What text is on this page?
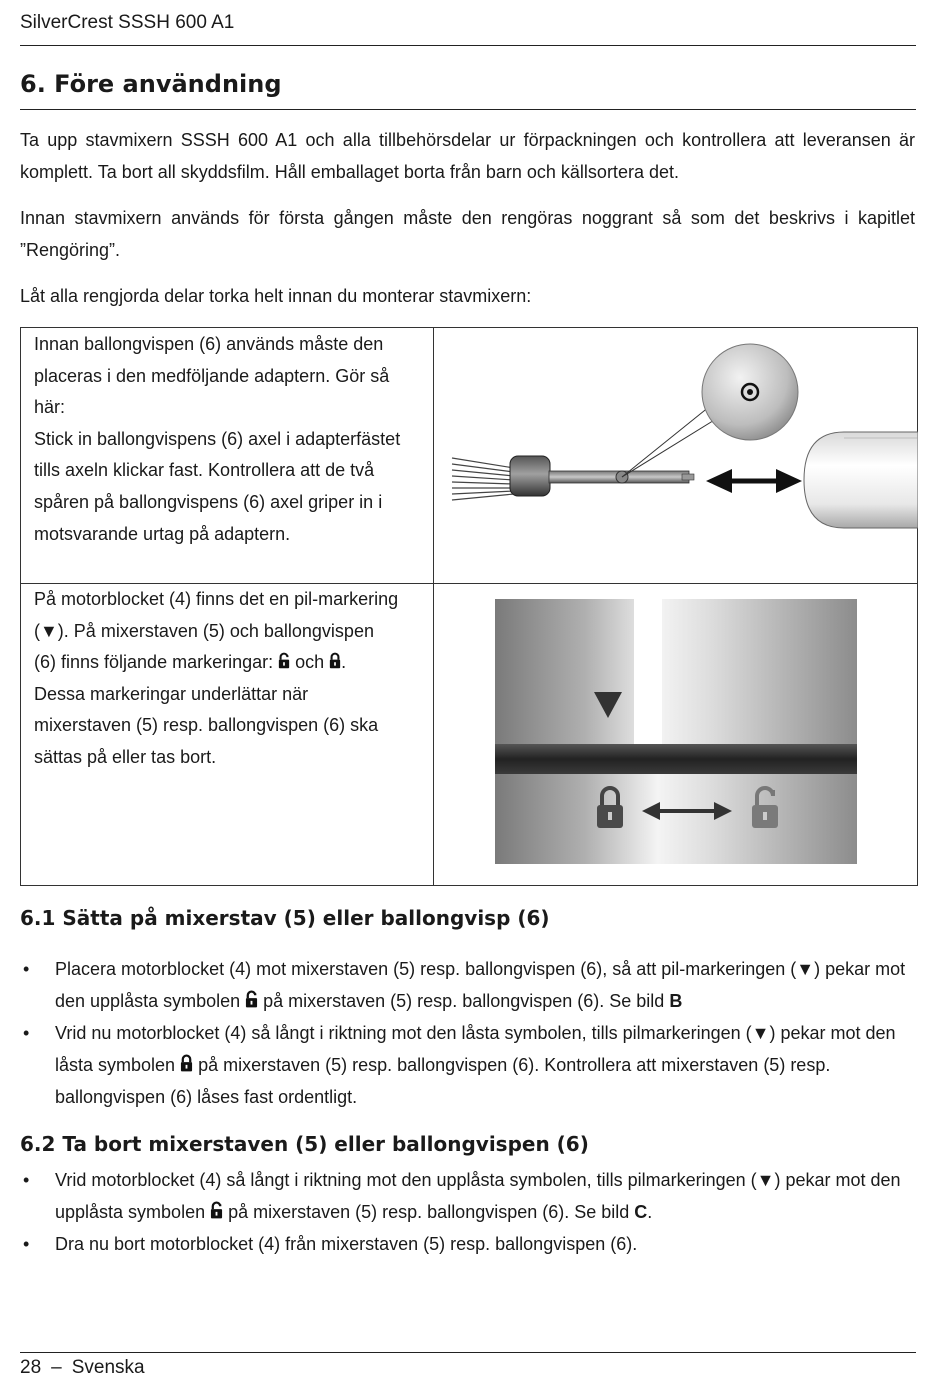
SilverCrest SSSH 600 A1
6. Före användning
Ta upp stavmixern SSSH 600 A1 och alla tillbehörsdelar ur förpackningen och kontrollera att leveransen är komplett. Ta bort all skyddsfilm. Håll emballaget borta från barn och källsortera det.
Innan stavmixern används för första gången måste den rengöras noggrant så som det beskrivs i kapitlet ”Rengöring”.
Låt alla rengjorda delar torka helt innan du monterar stavmixern:
Innan ballongvispen (6) används måste den
placeras i den medföljande adaptern. Gör så
här:
Stick in ballongvispens (6) axel i adapterfästet
tills axeln klickar fast. Kontrollera att de två
spåren på ballongvispens (6) axel griper in i
motsvarande urtag på adaptern.
På motorblocket (4) finns det en pil-markering
(▼). På mixerstaven (5) och ballongvispen
(6) finns följande markeringar:  och .
Dessa markeringar underlättar när
mixerstaven (5) resp. ballongvispen (6) ska
sättas på eller tas bort.
6.1 Sätta på mixerstav (5) eller ballongvisp (6)
• Placera motorblocket (4) mot mixerstaven (5) resp. ballongvispen (6), så att pil-markeringen (▼) pekar mot den upplåsta symbolen  på mixerstaven (5) resp. ballongvispen (6). Se bild B
• Vrid nu motorblocket (4) så långt i riktning mot den låsta symbolen, tills pilmarkeringen (▼) pekar mot den låsta symbolen  på mixerstaven (5) resp. ballongvispen (6). Kontrollera att mixerstaven (5) resp. ballongvispen (6) låses fast ordentligt.
6.2 Ta bort mixerstaven (5) eller ballongvispen (6)
• Vrid motorblocket (4) så långt i riktning mot den upplåsta symbolen, tills pilmarkeringen (▼) pekar mot den upplåsta symbolen  på mixerstaven (5) resp. ballongvispen (6). Se bild C.
• Dra nu bort motorblocket (4) från mixerstaven (5) resp. ballongvispen (6).
28 – Svenska
